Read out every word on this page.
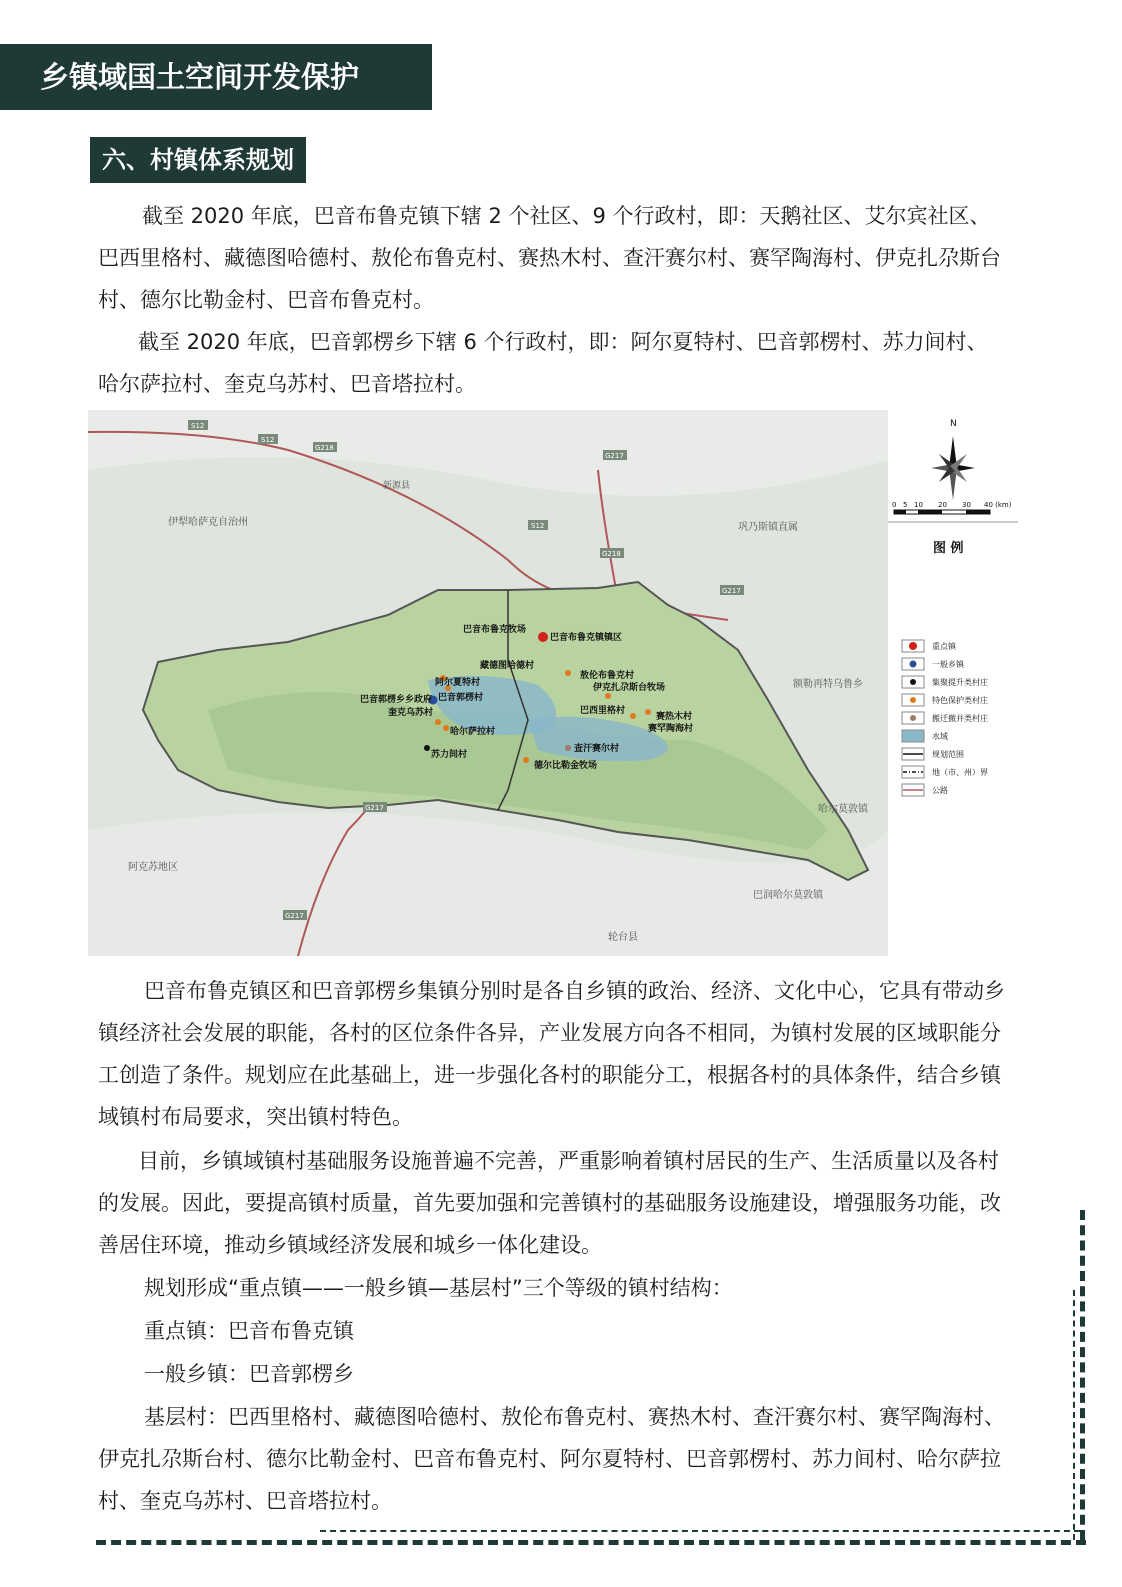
乡镇域国土空间开发保护
六、村镇体系规划

截至 2020 年底，巴音布鲁克镇下辖 2 个社区、9 个行政村，即：天鹅社区、艾尔宾社区、巴西里格村、藏德图哈德村、敖伦布鲁克村、赛热木村、查汗赛尔村、赛罕陶海村、伊克扎尕斯台村、德尔比勒金村、巴音布鲁克村。

截至 2020 年底，巴音郭楞乡下辖 6 个行政村，即：阿尔夏特村、巴音郭楞村、苏力间村、哈尔萨拉村、奎克乌苏村、巴音塔拉村。

伊犁哈萨克自治州	巩乃斯镇直属
额勒再特乌鲁乡
哈尔莫敦镇
阿克苏地区
巴润哈尔莫敦镇
轮台县
新源县
S12
S12
G218
G217
S12
G218
G217
G217
G217
巴音布鲁克牧场
巴音布鲁克镇镇区
藏德图哈德村
阿尔夏特村
敖伦布鲁克村
伊克扎尕斯台牧场
巴音郭楞乡乡政府 巴音郭楞村
奎克乌苏村	巴西里格村
赛热木村
赛罕陶海村
苏力间村
哈尔萨拉村
查汗赛尔村
德尔比勒金牧场
N
0 5 10 20 30 40 (km)
图 例
重点镇
一般乡镇
集聚提升类村庄
特色保护类村庄
搬迁撤并类村庄
水域
规划范围
地（市、州）界
公路

巴音布鲁克镇区和巴音郭楞乡集镇分别时是各自乡镇的政治、经济、文化中心，它具有带动乡镇经济社会发展的职能，各村的区位条件各异，产业发展方向各不相同，为镇村发展的区域职能分工创造了条件。规划应在此基础上，进一步强化各村的职能分工，根据各村的具体条件，结合乡镇域镇村布局要求，突出镇村特色。

目前，乡镇域镇村基础服务设施普遍不完善，严重影响着镇村居民的生产、生活质量以及各村的发展。因此，要提高镇村质量，首先要加强和完善镇村的基础服务设施建设，增强服务功能，改善居住环境，推动乡镇域经济发展和城乡一体化建设。

规划形成“重点镇——一般乡镇—基层村”三个等级的镇村结构：

重点镇：巴音布鲁克镇

一般乡镇：巴音郭楞乡

基层村：巴西里格村、藏德图哈德村、敖伦布鲁克村、赛热木村、查汗赛尔村、赛罕陶海村、伊克扎尕斯台村、德尔比勒金村、巴音布鲁克村、阿尔夏特村、巴音郭楞村、苏力间村、哈尔萨拉村、奎克乌苏村、巴音塔拉村。
